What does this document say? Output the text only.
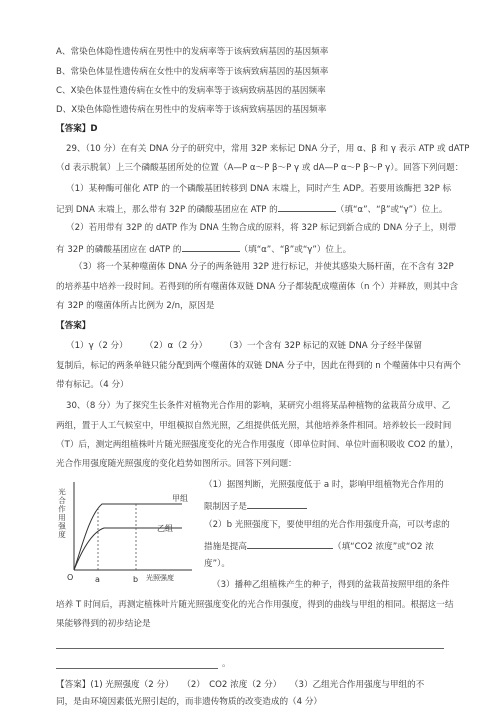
A、常染色体隐性遗传病在男性中的发病率等于该病致病基因的基因频率
B、常染色体显性遗传病在女性中的发病率等于该病致病基因的基因频率
C、X染色体显性遗传病在女性中的发病率等于该病致病基因的基因频率
D、X染色体隐性遗传病在男性中的发病率等于该病致病基因的基因频率
【答案】D
29、（10 分）在有关 DNA 分子的研究中，常用 32P 来标记 DNA 分子，用 α、β 和 γ 表示 ATP 或 dATP
（d 表示脱氧）上三个磷酸基团所处的位置（A—P α～P β～P γ 或 dA—P α～P β～P γ）。回答下列问题：
（1）某种酶可催化 ATP 的一个磷酸基团转移到 DNA 末端上，同时产生 ADP。若要用该酶把 32P 标
记到 DNA 末端上，那么带有 32P 的磷酸基团应在 ATP 的	（填“α”、“β”或“γ”）位上。
（2）若用带有 32P 的 dATP 作为 DNA 生物合成的原料，将 32P 标记到新合成的 DNA 分子上，则带
有 32P 的磷酸基团应在 dATP 的	（填“α”、“β”或“γ”）位上。
（3）将一个某种噬菌体 DNA 分子的两条链用 32P 进行标记，并使其感染大肠杆菌，在不含有 32P
的培养基中培养一段时间。若得到的所有噬菌体双链 DNA 分子都装配成噬菌体（n 个）并释放，则其中含
有 32P 的噬菌体所占比例为 2/n，原因是
【答案】
（1）γ（2 分）　　　（2）α（2 分）　　　（3）一个含有 32P 标记的双链 DNA 分子经半保留
复制后，标记的两条单链只能分配到两个噬菌体的双链 DNA 分子中，因此在得到的 n 个噬菌体中只有两个
带有标记。（4 分）
30、（8 分）为了探究生长条件对植物光合作用的影响，某研究小组将某品种植物的盆栽苗分成甲、乙
两组，置于人工气候室中，甲组模拟自然光照，乙组提供低光照，其他培养条件相同。培养较长一段时间
（T）后，测定两组植株叶片随光照强度变化的光合作用强度（即单位时间、单位叶面积吸收 CO2 的量），
光合作用强度随光照强度的变化趋势如图所示。回答下列问题：
光合作用强度	甲组
乙组
O	a	b 光照强度
（1）据图判断，光照强度低于 a 时，影响甲组植物光合作用的
限制因子是
（2）b 光照强度下，要使甲组的光合作用强度升高，可以考虑的
措施是提高	（填“CO2 浓度”或“O2 浓
度”）。
（3）播种乙组植株产生的种子，得到的盆栽苗按照甲组的条件
培养 T 时间后，再测定植株叶片随光照强度变化的光合作用强度，得到的曲线与甲组的相同。根据这一结
果能够得到的初步结论是
。
【答案】(1) 光照强度（2 分）　　（2）　CO2 浓度（2 分）　　（3）乙组光合作用强度与甲组的不
同，是由环境因素低光照引起的，而非遗传物质的改变造成的（4 分）
